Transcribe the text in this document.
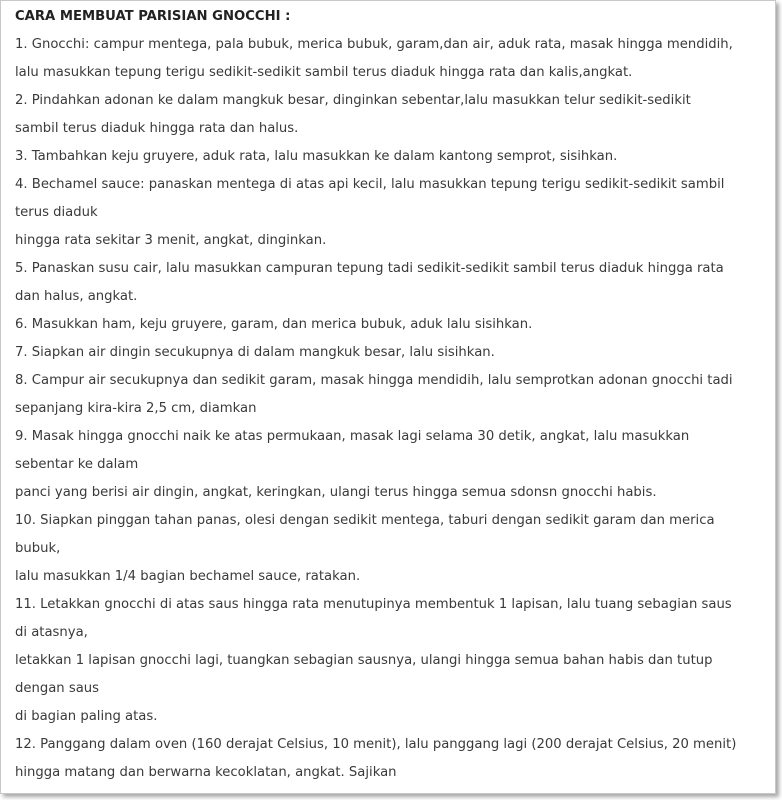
CARA MEMBUAT PARISIAN GNOCCHI :

1. Gnocchi: campur mentega, pala bubuk, merica bubuk, garam,dan air, aduk rata, masak hingga mendidih,

lalu masukkan tepung terigu sedikit-sedikit sambil terus diaduk hingga rata dan kalis,angkat.

2. Pindahkan adonan ke dalam mangkuk besar, dinginkan sebentar,lalu masukkan telur sedikit-sedikit

sambil terus diaduk hingga rata dan halus.

3. Tambahkan keju gruyere, aduk rata, lalu masukkan ke dalam kantong semprot, sisihkan.

4. Bechamel sauce: panaskan mentega di atas api kecil, lalu masukkan tepung terigu sedikit-sedikit sambil

terus diaduk

hingga rata sekitar 3 menit, angkat, dinginkan.

5. Panaskan susu cair, lalu masukkan campuran tepung tadi sedikit-sedikit sambil terus diaduk hingga rata

dan halus, angkat.

6. Masukkan ham, keju gruyere, garam, dan merica bubuk, aduk lalu sisihkan.

7. Siapkan air dingin secukupnya di dalam mangkuk besar, lalu sisihkan.

8. Campur air secukupnya dan sedikit garam, masak hingga mendidih, lalu semprotkan adonan gnocchi tadi

sepanjang kira-kira 2,5 cm, diamkan

9. Masak hingga gnocchi naik ke atas permukaan, masak lagi selama 30 detik, angkat, lalu masukkan

sebentar ke dalam

panci yang berisi air dingin, angkat, keringkan, ulangi terus hingga semua sdonsn gnocchi habis.

10. Siapkan pinggan tahan panas, olesi dengan sedikit mentega, taburi dengan sedikit garam dan merica

bubuk,

lalu masukkan 1/4 bagian bechamel sauce, ratakan.

11. Letakkan gnocchi di atas saus hingga rata menutupinya membentuk 1 lapisan, lalu tuang sebagian saus

di atasnya,

letakkan 1 lapisan gnocchi lagi, tuangkan sebagian sausnya, ulangi hingga semua bahan habis dan tutup

dengan saus

di bagian paling atas.

12. Panggang dalam oven (160 derajat Celsius, 10 menit), lalu panggang lagi (200 derajat Celsius, 20 menit)

hingga matang dan berwarna kecoklatan, angkat. Sajikan
